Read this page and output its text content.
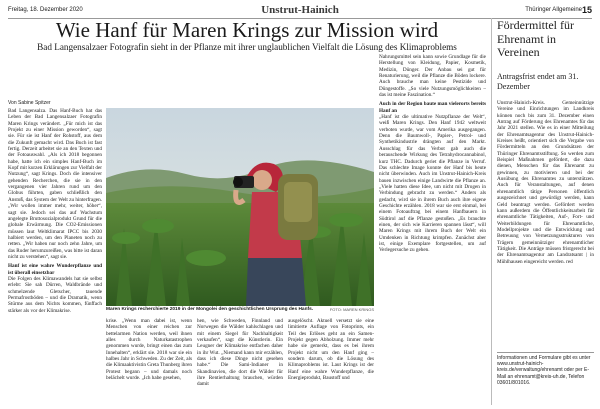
Freitag, 18. Dezember 2020	Unstrut-Hainich	Thüringer Allgemeine 15
Wie Hanf für Maren Krings zur Mission wird
Bad Langensalzaer Fotografin sieht in der Pflanze mit ihrer unglaublichen Vielfalt die Lösung des Klimaproblems
Von Sabine Spitzer

Bad Langensalza. Das Hanf-Buch hat das Leben der Bad Langensalzaer Fotografin Maren Krings verändert. „Für mich ist das Projekt zu einer Mission geworden“, sagt sie. Für sie ist Hanf der Rohstoff, aus dem die Zukunft gemacht wird. Das Buch ist fast fertig. Derzeit arbeitet sie an den Texten und der Fotoauswahl. „Als ich 2018 begonnen habe, hatte ich ein simples Hanf-Buch im Kopf mit kurzen Erklärungen zur Vielfalt der Nutzung“, sagt Krings. Doch die intensiver gehenden Recherchen, die sie in den vergangenen vier Jahren rund um den Globus führten, gaben schließlich den Anstoß, das System der Welt zu hinterfragen. „Wir wollen immer mehr, weiter, höher“, sagt sie. Jedoch sei das auf Wachstum angelegte Bruttosozialprodukt Grund für die globale Erwärmung. Die CO2-Emissionen müssen laut Weltklimarat IPCC bis 2030 halbiert werden, um den Planeten noch zu retten. „Wir haben nur noch zehn Jahre, um das Ruder herumzureißen, was bitte ist daran nicht zu verstehen“, sagt sie.

Hanf ist eine wahre Wunderpflanze und ist überall einsetzbar

Die Folgen des Klimawandels hat sie selbst erlebt: Sie sah Dürren, Waldbrände und schmelzende Gletscher, tauende Permafrostböden – und die Dramatik, wenn Stürme aus dem Nichts kommen, fünffach stärker als vor der Klimakrise.	Maren Krings recherchierte 2019 in der Mongolei den geschichtlichen Ursprung des Hanfs.	FOTO: MAREN KRINGS

krise. „Wenn man dabei ist, wenn Menschen von einer reichen zur bettelarmen Nation werden, weil ihnen alles durch Naturkatastrophen genommen wurde, bringt einen das zum Innehalten“, erklärt sie. 2018 war sie ein halbes Jahr in Schweden. Zu der Zeit, als die Klimaaktivistin Greta Thunberg ihren Protest begann – und damals noch belächelt wurde. „Ich habe gesehen,

hen, wie Schweden, Finnland und Norwegen die Wälder kahlschlagen und mit einem Siegel für Nachhaltigkeit verkaufen“, sagt die Künstlerin. Ein Leugner der Klimakrise entfachen daher in ihr Wut. „Niemand kann mir erzählen, dass ich diese Dinge nicht gesehen habe.“ Die Sami-Indianer in Skandinavien, die dort die Wälder für ihre Rentierhaltung brauchen, würden damit

ausgelöscht. Aktuell versetzt sie eine limitierte Auflage von Fotoprints, ein Teil des Erlöses geht an ein Samen-Projekt gegen Abholzung. Immer mehr habe sie gemerkt, dass es bei ihrem Projekt nicht um den Hanf ging – sondern darum, ob die Lösung des Klimaproblems ist. Laut Krings ist der Hanf eine wahre Wunderpflanze, die Energieprodukt, Baustoff und

Nahrungsmittel sein kann sowie Grundlage für die Herstellung von Kleidung, Papier, Kosmetik, Medizin, Dünger. Der Anbau sei gut für Renaturierung, weil die Pflanze die Böden lockere. Auch brauche man keine Pestizide und Düngestoffe. „So viele Nutzungsmöglichkeiten – das ist meine Faszination.“

Auch in der Region baute man vielerorts bereits Hanf an

„Hanf ist die ultimative Nutzpflanze der Welt“, weiß Maren Krings. Den Hanf 1942 weltweit verboten wurde, war vom Amerika ausgegangen. Denn die Baumwoll-, Papier-, Petrol- und Synthetikindustrie drängten auf den Markt. Ausschlag für das Verbot gab auch die berauschende Wirkung des Tetrahydrocannabinol, kurz THC. Dadurch geriet die Pflanze in Verruf. Das schlechte Image konnte der Hanf bis heute nicht überwinden. Auch im Unstrut-Hainich-Kreis bauen inzwischen einige Landwirte die Pflanze an. „Viele hatten diese Idee, um nicht mit Drogen in Verbindung gebracht zu werden.“ Anders als gedacht, wird sie in ihrem Buch auch ihre eigene Geschichte erzählen. 2018 war sie erst einmal, bei einem Fotoauftrag bei einem Hanfbauern in Südtirol auf die Pflanze gestoßen. „Es brauchte einen, der sich wie Karrieren spannen lässt“, will Maren Krings mit ihrem Buch der Welt ein Umdenken in Richtung krimpfen. Zunächst aber ist, einige Exemplare fortgestellen, um auf Verlegersuche zu gehen.

Fördermittel für Ehrenamt in Vereinen
Antragsfrist endet am 31. Dezember

Unstrut-Hainich-Kreis. Gemeinnützige Vereine und Einrichtungen im Landkreis können noch bis zum 31. Dezember einen Antrag auf Förderung des Ehrenamtes für das Jahr 2021 stellen. Wie es in einer Mitteilung der Ehrenamtsagentur des Unstrut-Hainich-Kreises heißt, orientiert sich die Vergabe von Fördermitteln an den Grundsätzen der Thüringer Ehrenamtsstiftung. So werden zum Beispiel Maßnahmen gefördert, die dazu dienen, Menschen für das Ehrenamt zu gewinnen, zu motivieren und bei der Ausübung des Ehrenamtes zu unterstützen. Auch für Veranstaltungen, auf denen ehrenamtlich tätige Personen öffentlich ausgezeichnet und gewürdigt werden, kann Geld beantragt werden. Gefördert werden kann außerdem die Öffentlichkeitsarbeit für ehrenamtliche Tätigkeiten, Auf-, Fort- und Weiterbildungen für Ehrenamtliche, Modellprojekte und die Entwicklung und Betreuung von Vernetzungsstrukturen von Trägern gemeinnütziger ehrenamtlicher Tätigkeit. Die Anträge müssen fristgerecht bei der Ehrenamtsagentur am Landratsamt | in Mühlhausen eingereicht werden. red

Informationen und Formulare gibt es unter www.unstrut-hainich-kreis.de/verwaltung/ehrenamt oder per E-Mail an ehrenamt@kreis-uh.de, Telefon 03601/801016.
